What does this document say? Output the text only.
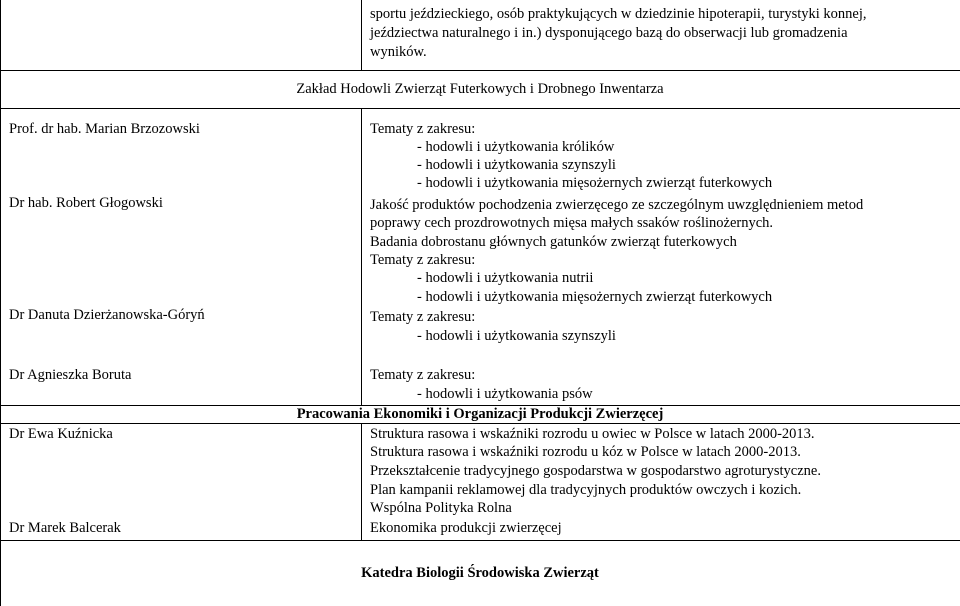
sportu jeździeckiego, osób praktykujących w dziedzinie hipoterapii, turystyki konnej,
jeździectwa naturalnego i in.) dysponującego bazą do obserwacji lub gromadzenia
wyników.
Zakład Hodowli Zwierząt Futerkowych i Drobnego Inwentarza
Prof. dr hab. Marian Brzozowski	Tematy z zakresu:
- hodowli i użytkowania królików
- hodowli i użytkowania szynszyli
- hodowli i użytkowania mięsożernych zwierząt futerkowych
Dr hab. Robert Głogowski	Jakość produktów pochodzenia zwierzęcego ze szczególnym uwzględnieniem metod
poprawy cech prozdrowotnych mięsa małych ssaków roślinożernych.
Badania dobrostanu głównych gatunków zwierząt futerkowych
Tematy z zakresu:
- hodowli i użytkowania nutrii
- hodowli i użytkowania mięsożernych zwierząt futerkowych
Dr Danuta Dzierżanowska-Góryń	Tematy z zakresu:
- hodowli i użytkowania szynszyli
Dr Agnieszka Boruta	Tematy z zakresu:
- hodowli i użytkowania psów
Pracowania Ekonomiki i Organizacji Produkcji Zwierzęcej
Dr Ewa Kuźnicka	Struktura rasowa i wskaźniki rozrodu u owiec w Polsce w latach 2000-2013.
Struktura rasowa i wskaźniki rozrodu u kóz w Polsce w latach 2000-2013.
Przekształcenie tradycyjnego gospodarstwa w gospodarstwo agroturystyczne.
Plan kampanii reklamowej dla tradycyjnych produktów owczych i kozich.
Wspólna Polityka Rolna
Dr Marek Balcerak	Ekonomika produkcji zwierzęcej
Katedra Biologii Środowiska Zwierząt
